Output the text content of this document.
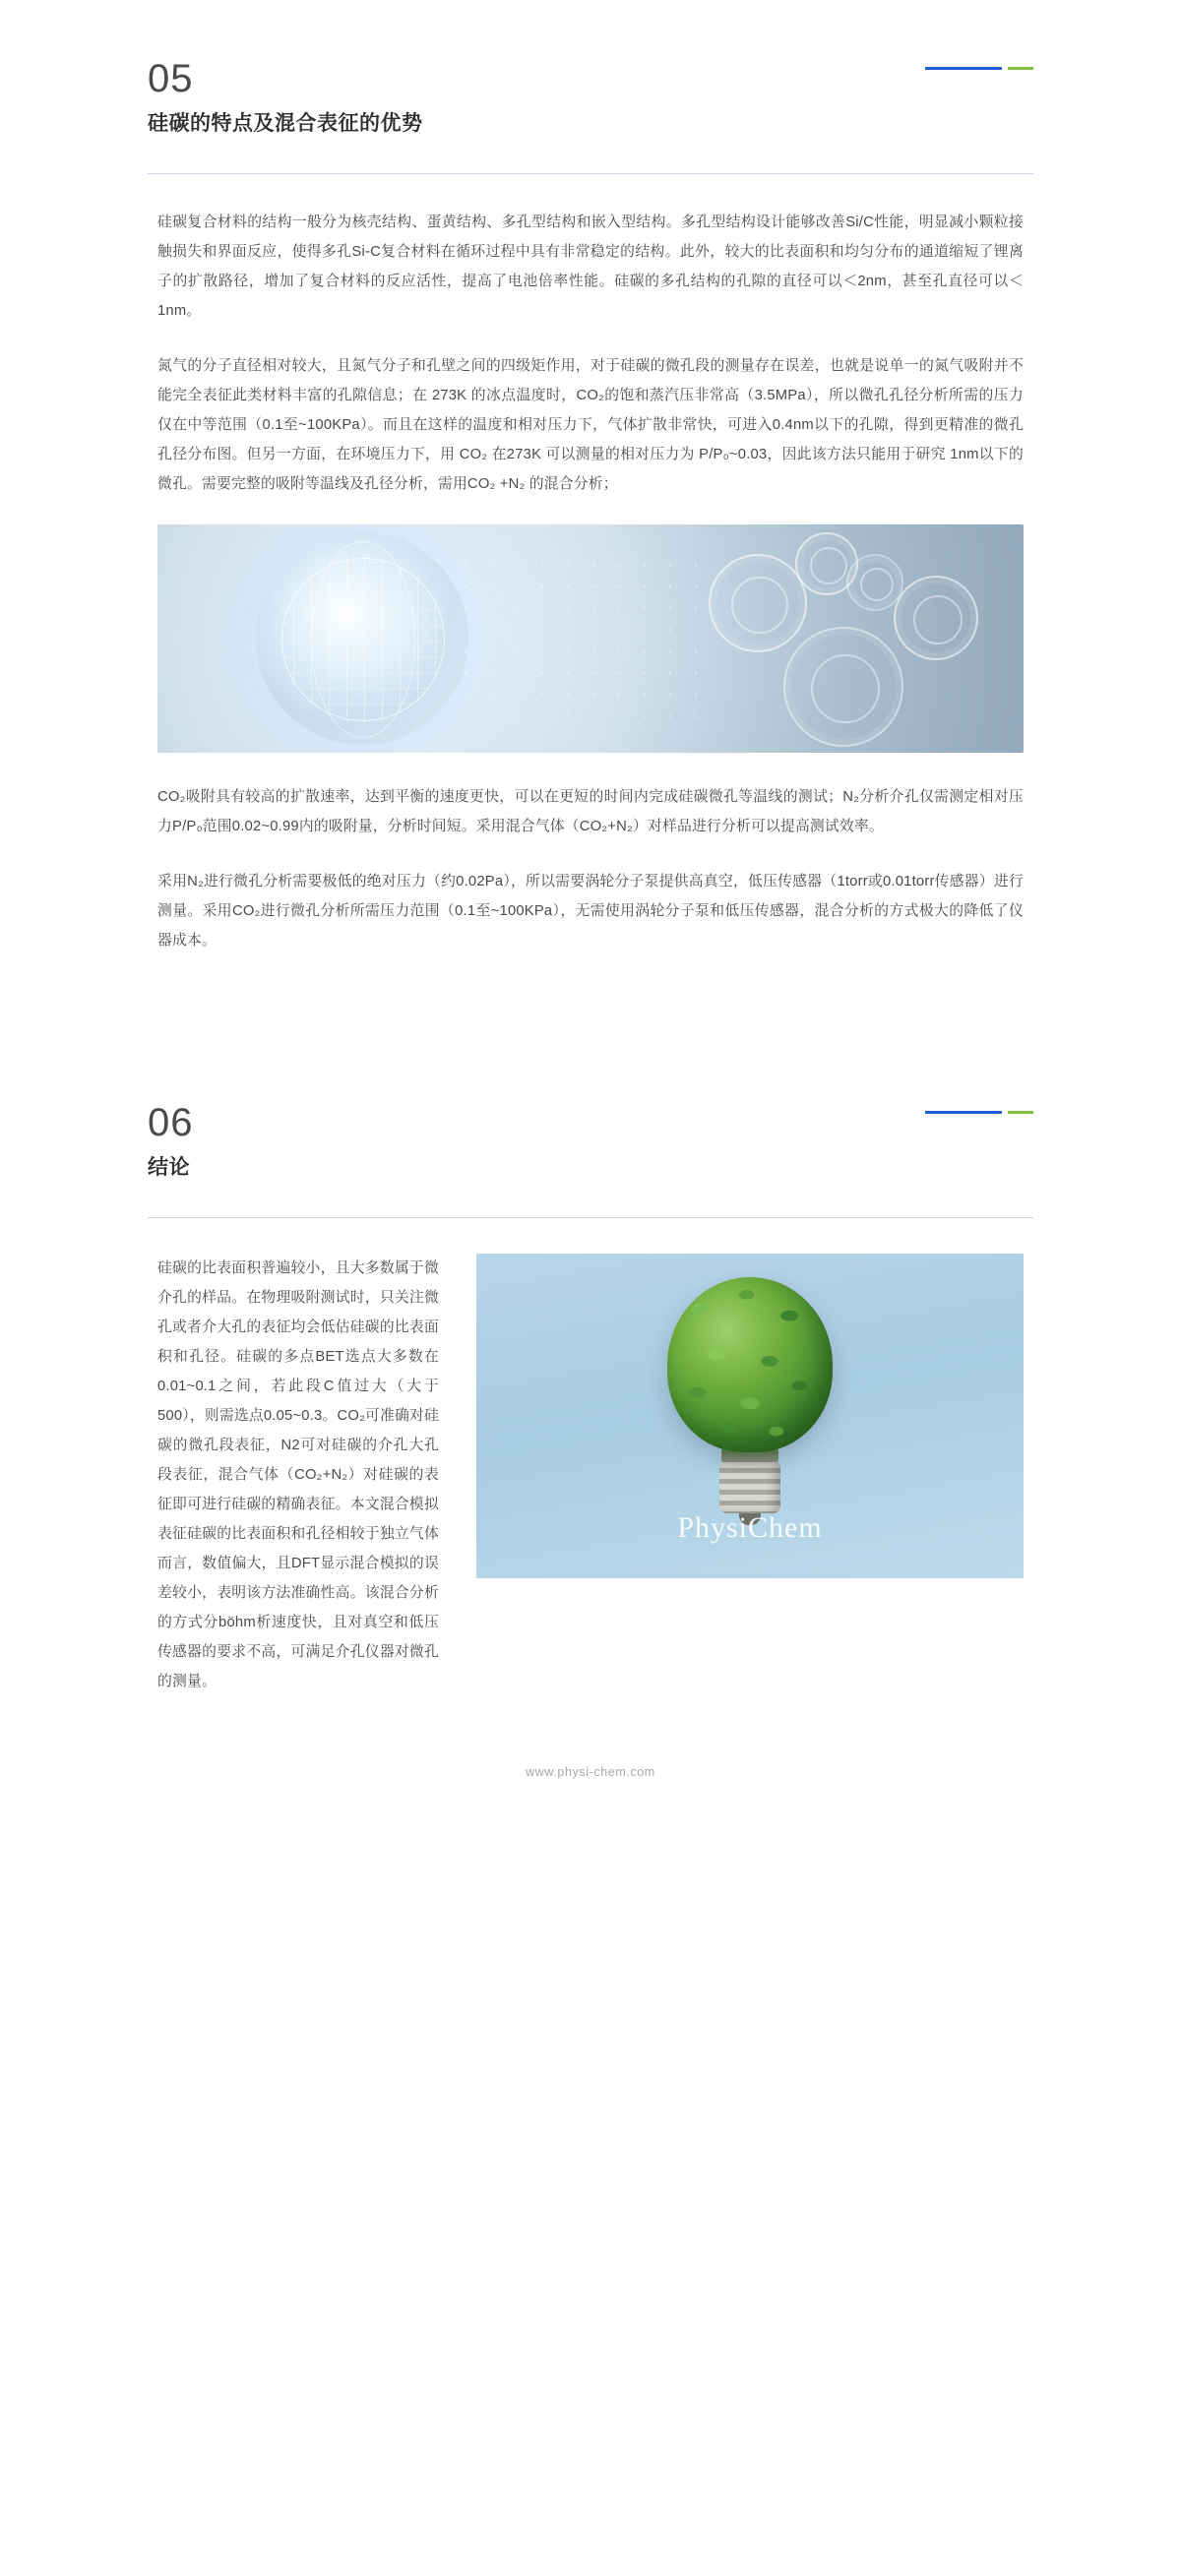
05
硅碳的特点及混合表征的优势

硅碳复合材料的结构一般分为核壳结构、蛋黄结构、多孔型结构和嵌入型结构。多孔型结构设计能够改善Si/C性能，明显减小颗粒接触损失和界面反应，使得多孔Si-C复合材料在循环过程中具有非常稳定的结构。此外，较大的比表面积和均匀分布的通道缩短了锂离子的扩散路径，增加了复合材料的反应活性，提高了电池倍率性能。硅碳的多孔结构的孔隙的直径可以＜2nm，甚至孔直径可以＜1nm。

氮气的分子直径相对较大，且氮气分子和孔壁之间的四级矩作用，对于硅碳的微孔段的测量存在误差，也就是说单一的氮气吸附并不能完全表征此类材料丰富的孔隙信息；在 273K 的冰点温度时，CO₂的饱和蒸汽压非常高（3.5MPa），所以微孔孔径分析所需的压力仅在中等范围（0.1至~100KPa）。而且在这样的温度和相对压力下，气体扩散非常快，可进入0.4nm以下的孔隙，得到更精准的微孔孔径分布图。但另一方面，在环境压力下，用 CO₂ 在273K 可以测量的相对压力为 P/P₀~0.03，因此该方法只能用于研究 1nm以下的微孔。需要完整的吸附等温线及孔径分析，需用CO₂ +N₂ 的混合分析；

CO₂吸附具有较高的扩散速率，达到平衡的速度更快，可以在更短的时间内完成硅碳微孔等温线的测试；N₂分析介孔仅需测定相对压力P/P₀范围0.02~0.99内的吸附量，分析时间短。采用混合气体（CO₂+N₂）对样品进行分析可以提高测试效率。

采用N₂进行微孔分析需要极低的绝对压力（约0.02Pa），所以需要涡轮分子泵提供高真空，低压传感器（1torr或0.01torr传感器）进行测量。采用CO₂进行微孔分析所需压力范围（0.1至~100KPa），无需使用涡轮分子泵和低压传感器，混合分析的方式极大的降低了仪器成本。

06
结论

硅碳的比表面积普遍较小，且大多数属于微介孔的样品。在物理吸附测试时，只关注微孔或者介大孔的表征均会低估硅碳的比表面积和孔径。硅碳的多点BET选点大多数在0.01~0.1之间，若此段C值过大（大于500），则需选点0.05~0.3。CO₂可准确对硅碳的微孔段表征，N2可对硅碳的介孔大孔段表征，混合气体（CO₂+N₂）对硅碳的表征即可进行硅碳的精确表征。本文混合模拟表征硅碳的比表面积和孔径相较于独立气体而言，数值偏大，且DFT显示混合模拟的误差较小，表明该方法准确性高。该混合分析的方式分böhm析速度快，且对真空和低压传感器的要求不高，可满足介孔仪器对微孔的测量。

PhysiChem
www.physi-chem.com
